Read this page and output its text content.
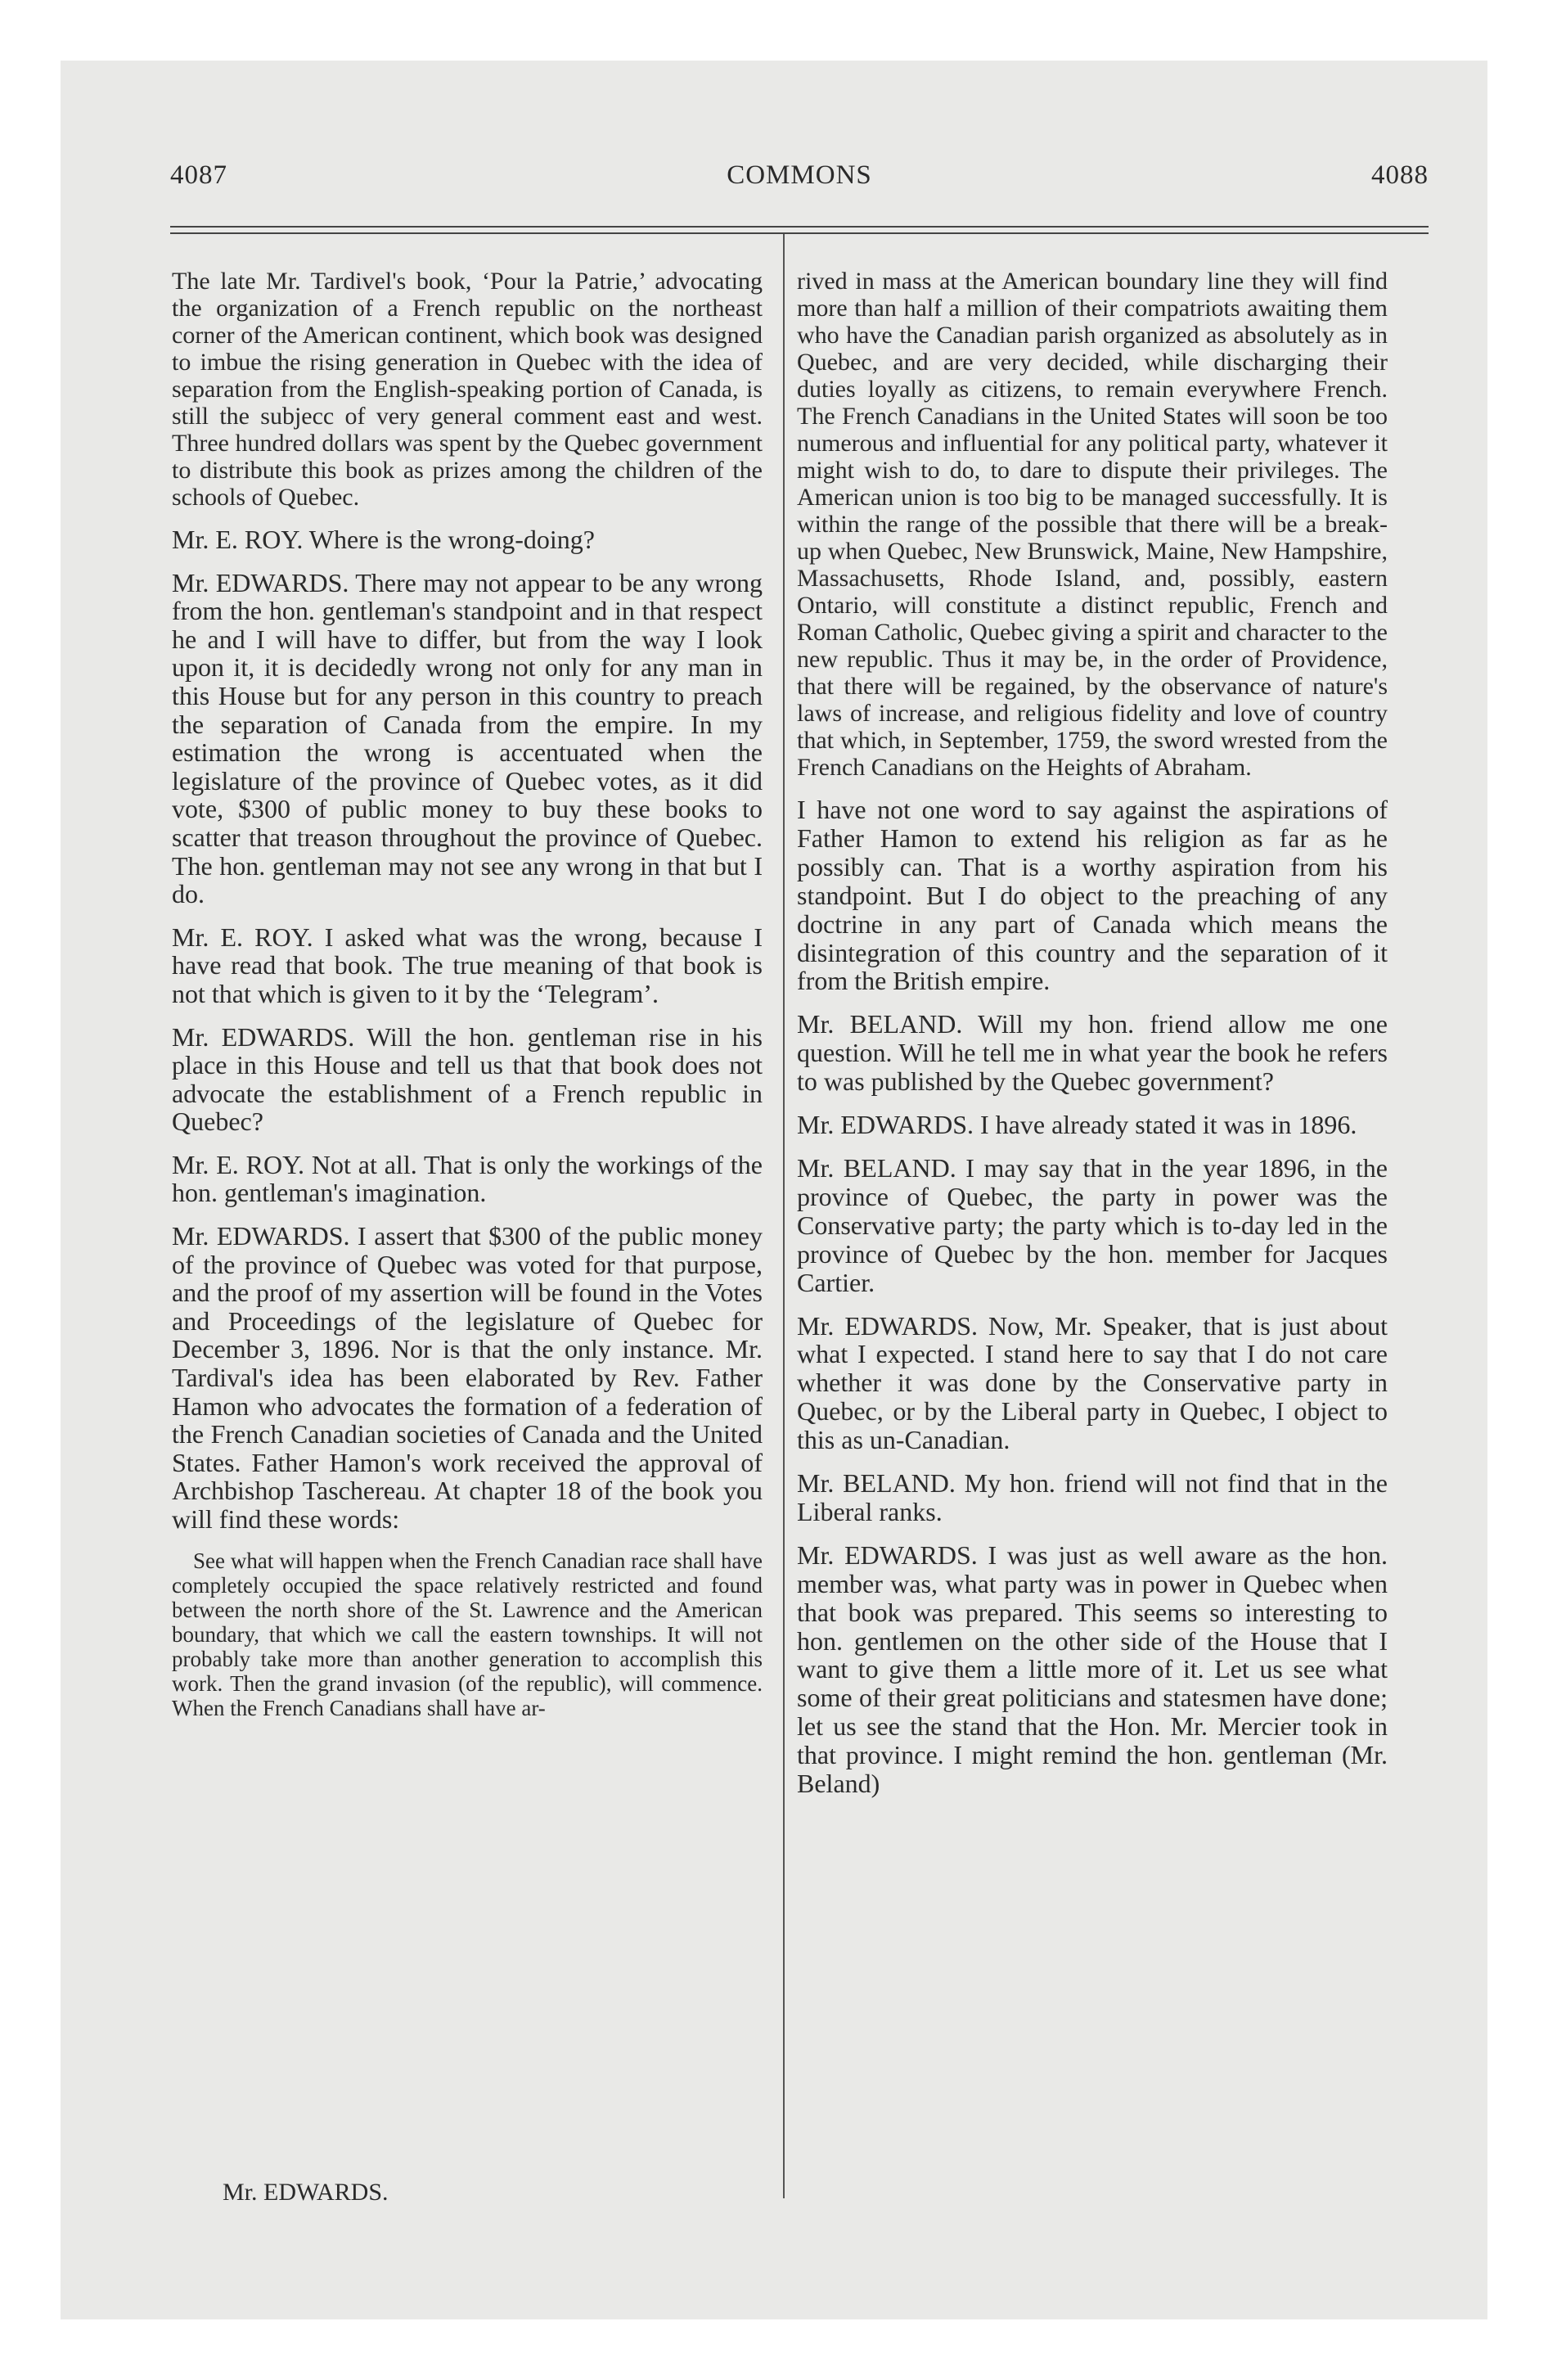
4087	COMMONS	4088

The late Mr. Tardivel's book, ‘Pour la Patrie,’ advocating the organization of a French republic on the northeast corner of the American continent, which book was designed to imbue the rising generation in Quebec with the idea of separation from the English-speaking portion of Canada, is still the subjecc of very general comment east and west. Three hundred dollars was spent by the Quebec government to distribute this book as prizes among the children of the schools of Quebec.

Mr. E. ROY. Where is the wrong-doing?

Mr. EDWARDS. There may not appear to be any wrong from the hon. gentleman's standpoint and in that respect he and I will have to differ, but from the way I look upon it, it is decidedly wrong not only for any man in this House but for any person in this country to preach the separation of Canada from the empire. In my estimation the wrong is accentuated when the legislature of the province of Quebec votes, as it did vote, $300 of public money to buy these books to scatter that treason throughout the province of Quebec. The hon. gentleman may not see any wrong in that but I do.

Mr. E. ROY. I asked what was the wrong, because I have read that book. The true meaning of that book is not that which is given to it by the ‘Telegram’.

Mr. EDWARDS. Will the hon. gentleman rise in his place in this House and tell us that that book does not advocate the establishment of a French republic in Quebec?

Mr. E. ROY. Not at all. That is only the workings of the hon. gentleman's imagination.

Mr. EDWARDS. I assert that $300 of the public money of the province of Quebec was voted for that purpose, and the proof of my assertion will be found in the Votes and Proceedings of the legislature of Quebec for December 3, 1896. Nor is that the only instance. Mr. Tardival's idea has been elaborated by Rev. Father Hamon who advocates the formation of a federation of the French Canadian societies of Canada and the United States. Father Hamon's work received the approval of Archbishop Taschereau. At chapter 18 of the book you will find these words:

See what will happen when the French Canadian race shall have completely occupied the space relatively restricted and found between the north shore of the St. Lawrence and the American boundary, that which we call the eastern townships. It will not probably take more than another generation to accomplish this work. Then the grand invasion (of the republic), will commence. When the French Canadians shall have ar-

rived in mass at the American boundary line they will find more than half a million of their compatriots awaiting them who have the Canadian parish organized as absolutely as in Quebec, and are very decided, while discharging their duties loyally as citizens, to remain everywhere French. The French Canadians in the United States will soon be too numerous and influential for any political party, whatever it might wish to do, to dare to dispute their privileges. The American union is too big to be managed successfully. It is within the range of the possible that there will be a break-up when Quebec, New Brunswick, Maine, New Hampshire, Massachusetts, Rhode Island, and, possibly, eastern Ontario, will constitute a distinct republic, French and Roman Catholic, Quebec giving a spirit and character to the new republic. Thus it may be, in the order of Providence, that there will be regained, by the observance of nature's laws of increase, and religious fidelity and love of country that which, in September, 1759, the sword wrested from the French Canadians on the Heights of Abraham.

I have not one word to say against the aspirations of Father Hamon to extend his religion as far as he possibly can. That is a worthy aspiration from his standpoint. But I do object to the preaching of any doctrine in any part of Canada which means the disintegration of this country and the separation of it from the British empire.

Mr. BELAND. Will my hon. friend allow me one question. Will he tell me in what year the book he refers to was published by the Quebec government?

Mr. EDWARDS. I have already stated it was in 1896.

Mr. BELAND. I may say that in the year 1896, in the province of Quebec, the party in power was the Conservative party; the party which is to-day led in the province of Quebec by the hon. member for Jacques Cartier.

Mr. EDWARDS. Now, Mr. Speaker, that is just about what I expected. I stand here to say that I do not care whether it was done by the Conservative party in Quebec, or by the Liberal party in Quebec, I object to this as un-Canadian.

Mr. BELAND. My hon. friend will not find that in the Liberal ranks.

Mr. EDWARDS. I was just as well aware as the hon. member was, what party was in power in Quebec when that book was prepared. This seems so interesting to hon. gentlemen on the other side of the House that I want to give them a little more of it. Let us see what some of their great politicians and statesmen have done; let us see the stand that the Hon. Mr. Mercier took in that province. I might remind the hon. gentleman (Mr. Beland)

Mr. EDWARDS.
